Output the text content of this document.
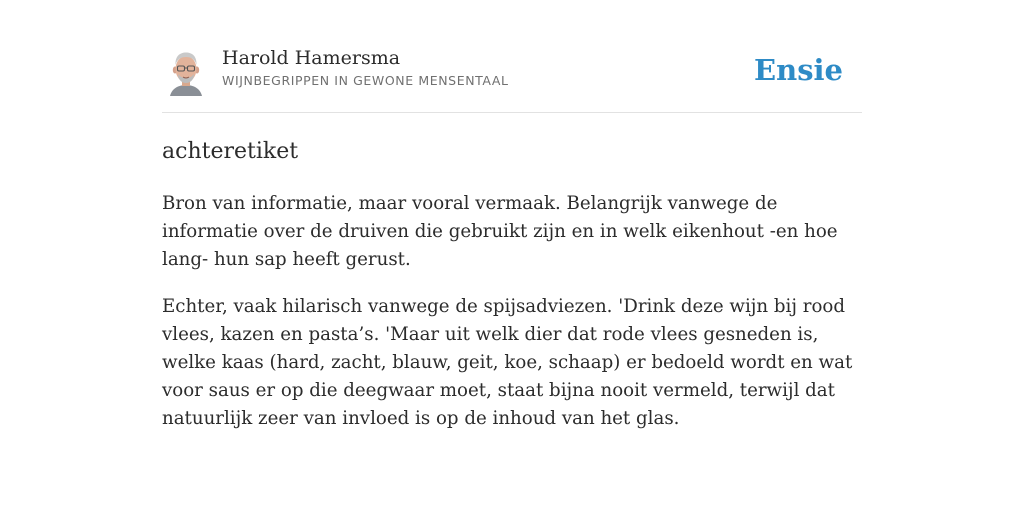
Harold Hamersma
WIJNBEGRIPPEN IN GEWONE MENSENTAAL	Ensie
achteretiket

Bron van informatie, maar vooral vermaak. Belangrijk vanwege de informatie over de druiven die gebruikt zijn en in welk eikenhout -en hoe lang- hun sap heeft gerust.

Echter, vaak hilarisch vanwege de spijsadviezen. 'Drink deze wijn bij rood vlees, kazen en pasta’s. 'Maar uit welk dier dat rode vlees gesneden is, welke kaas (hard, zacht, blauw, geit, koe, schaap) er bedoeld wordt en wat voor saus er op die deegwaar moet, staat bijna nooit vermeld, terwijl dat natuurlijk zeer van invloed is op de inhoud van het glas.
